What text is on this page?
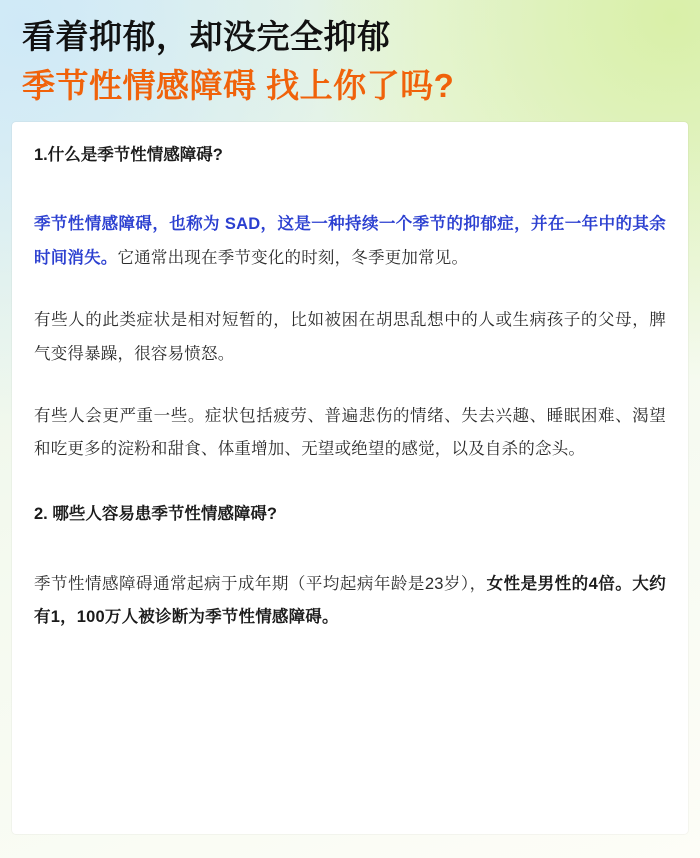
看着抑郁，却没完全抑郁
季节性情感障碍 找上你了吗?

1.什么是季节性情感障碍?

季节性情感障碍，也称为 SAD，这是一种持续一个季节的抑郁症，并在一年中的其余时间消失。它通常出现在季节变化的时刻，冬季更加常见。

有些人的此类症状是相对短暂的，比如被困在胡思乱想中的人或生病孩子的父母，脾气变得暴躁，很容易愤怒。

有些人会更严重一些。症状包括疲劳、普遍悲伤的情绪、失去兴趣、睡眠困难、渴望和吃更多的淀粉和甜食、体重增加、无望或绝望的感觉，以及自杀的念头。

2. 哪些人容易患季节性情感障碍?

季节性情感障碍通常起病于成年期（平均起病年龄是23岁），女性是男性的4倍。大约有1，100万人被诊断为季节性情感障碍。
